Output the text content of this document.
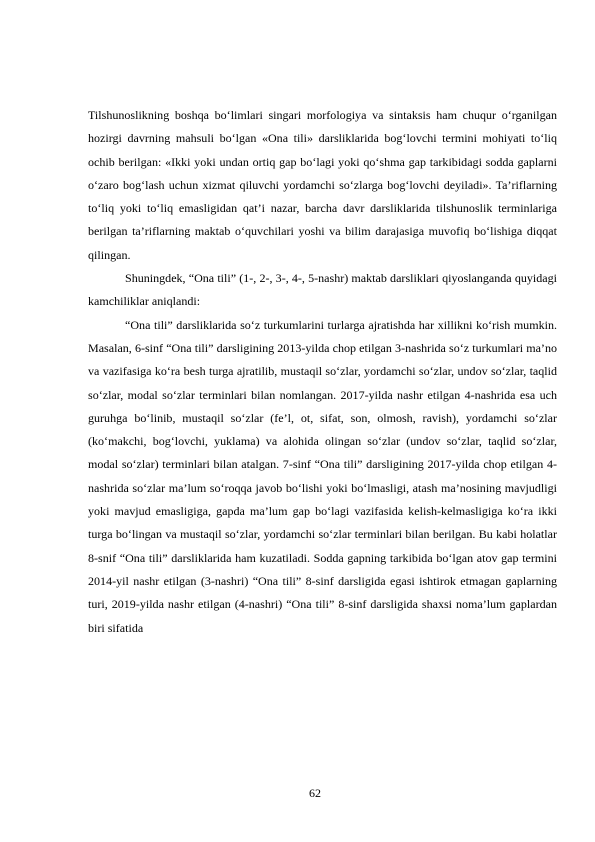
Tilshunoslikning boshqa bo‘limlari singari morfologiya va sintaksis ham chuqur o‘rganilgan hozirgi davrning mahsuli bo‘lgan «Ona tili» darsliklarida bog‘lovchi termini mohiyati to‘liq ochib berilgan: «Ikki yoki undan ortiq gap bo‘lagi yoki qo‘shma gap tarkibidagi sodda gaplarni o‘zaro bog‘lash uchun xizmat qiluvchi yordamchi so‘zlarga bog‘lovchi deyiladi». Ta’riflarning to‘liq yoki to‘liq emasligidan qat’i nazar, barcha davr darsliklarida tilshunoslik terminlariga berilgan ta’riflarning maktab o‘quvchilari yoshi va bilim darajasiga muvofiq bo‘lishiga diqqat qilingan.

Shuningdek, “Ona tili” (1-, 2-, 3-, 4-, 5-nashr) maktab darsliklari qiyoslanganda quyidagi kamchiliklar aniqlandi:

“Ona tili” darsliklarida so‘z turkumlarini turlarga ajratishda har xillikni ko‘rish mumkin. Masalan, 6-sinf “Ona tili” darsligining 2013-yilda chop etilgan 3-nashrida so‘z turkumlari ma’no va vazifasiga ko‘ra besh turga ajratilib, mustaqil so‘zlar, yordamchi so‘zlar, undov so‘zlar, taqlid so‘zlar, modal so‘zlar terminlari bilan nomlangan. 2017-yilda nashr etilgan 4-nashrida esa uch guruhga bo‘linib, mustaqil so‘zlar (fe’l, ot, sifat, son, olmosh, ravish), yordamchi so‘zlar (ko‘makchi, bog‘lovchi, yuklama) va alohida olingan so‘zlar (undov so‘zlar, taqlid so‘zlar, modal so‘zlar) terminlari bilan atalgan. 7-sinf “Ona tili” darsligining 2017-yilda chop etilgan 4-nashrida so‘zlar ma’lum so‘roqqa javob bo‘lishi yoki bo‘lmasligi, atash ma’nosining mavjudligi yoki mavjud emasligiga, gapda ma’lum gap bo‘lagi vazifasida kelish-kelmasligiga ko‘ra ikki turga bo‘lingan va mustaqil so‘zlar, yordamchi so‘zlar terminlari bilan berilgan. Bu kabi holatlar 8-snif “Ona tili” darsliklarida ham kuzatiladi. Sodda gapning tarkibida bo‘lgan atov gap termini 2014-yil nashr etilgan (3-nashri) “Ona tili” 8-sinf darsligida egasi ishtirok etmagan gaplarning turi, 2019-yilda nashr etilgan (4-nashri) “Ona tili” 8-sinf darsligida shaxsi noma’lum gaplardan biri sifatida

62
